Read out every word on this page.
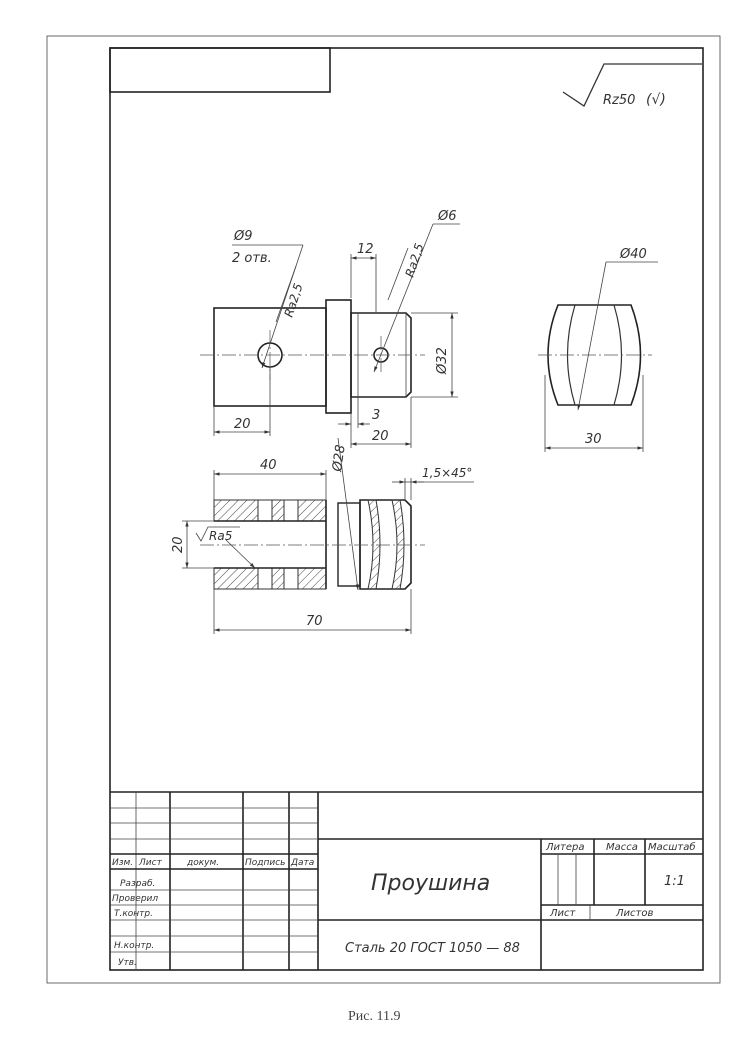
Rz50 (√)
Ø9
2 отв.
Ra2,5
12
Ø6
Ra2,5
Ø32
20
3
20
Ø40
30
40	Ø28
1,5×45°
20
Ra5
70
Изм. Лист	докум.	Подпись Дата
Разраб.
Проверил
Т.контр.
Н.контр.
Утв.
Проушина
Литера Масса Масштаб
1:1
Лист	Листов
Сталь 20 ГОСТ 1050 — 88
Рис. 11.9
